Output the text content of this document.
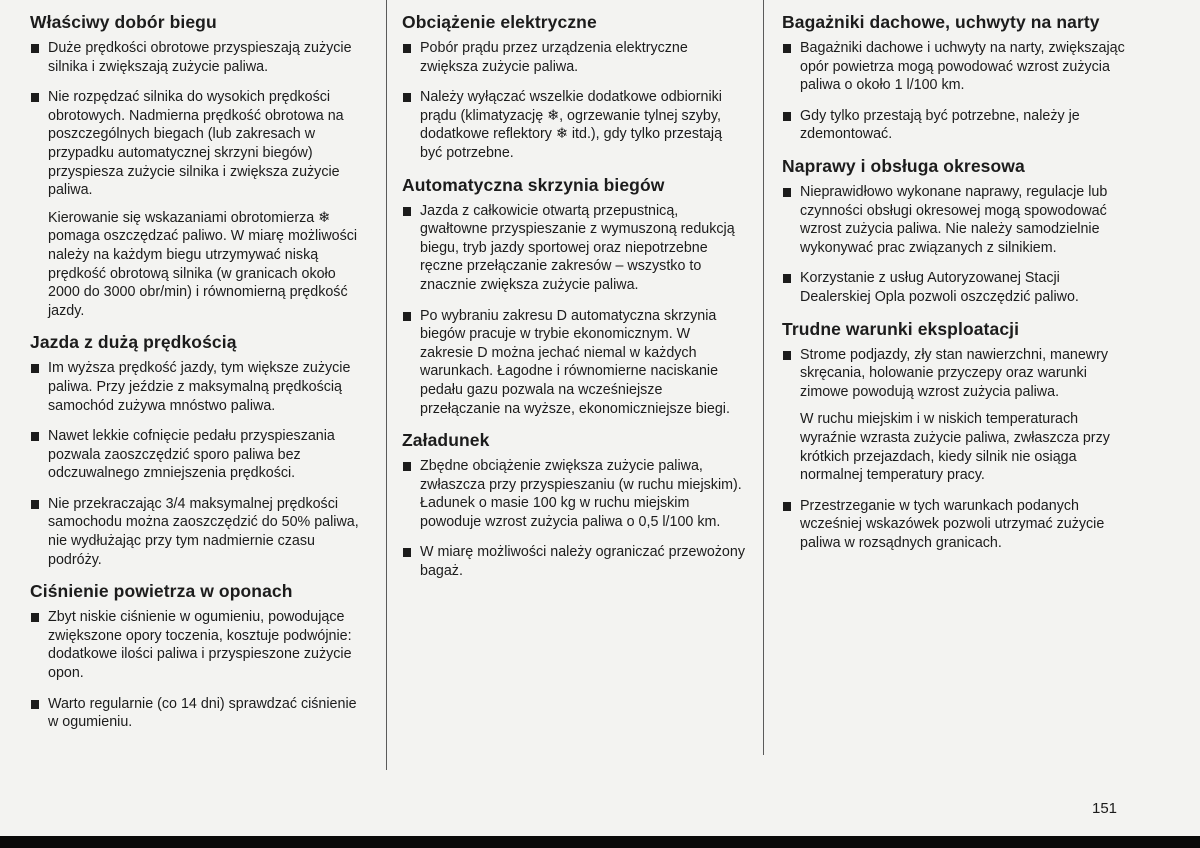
Właściwy dobór biegu
Duże prędkości obrotowe przyspieszają zużycie silnika i zwiększają zużycie paliwa.
Nie rozpędzać silnika do wysokich prędkości obrotowych. Nadmierna prędkość obrotowa na poszczególnych biegach (lub zakresach w przypadku automatycznej skrzyni biegów) przyspiesza zużycie silnika i zwiększa zużycie paliwa.
Kierowanie się wskazaniami obrotomierza ❄ pomaga oszczędzać paliwo. W miarę możliwości należy na każdym biegu utrzymywać niską prędkość obrotową silnika (w granicach około 2000 do 3000 obr/min) i równomierną prędkość jazdy.
Jazda z dużą prędkością
Im wyższa prędkość jazdy, tym większe zużycie paliwa. Przy jeździe z maksymalną prędkością samochód zużywa mnóstwo paliwa.
Nawet lekkie cofnięcie pedału przyspieszania pozwala zaoszczędzić sporo paliwa bez odczuwalnego zmniejszenia prędkości.
Nie przekraczając 3/4 maksymalnej prędkości samochodu można zaoszczędzić do 50% paliwa, nie wydłużając przy tym nadmiernie czasu podróży.
Ciśnienie powietrza w oponach
Zbyt niskie ciśnienie w ogumieniu, powodujące zwiększone opory toczenia, kosztuje podwójnie: dodatkowe ilości paliwa i przyspieszone zużycie opon.
Warto regularnie (co 14 dni) sprawdzać ciśnienie w ogumieniu.
Obciążenie elektryczne
Pobór prądu przez urządzenia elektryczne zwiększa zużycie paliwa.
Należy wyłączać wszelkie dodatkowe odbiorniki prądu (klimatyzację ❄, ogrzewanie tylnej szyby, dodatkowe reflektory ❄ itd.), gdy tylko przestają być potrzebne.
Automatyczna skrzynia biegów
Jazda z całkowicie otwartą przepustnicą, gwałtowne przyspieszanie z wymuszoną redukcją biegu, tryb jazdy sportowej oraz niepotrzebne ręczne przełączanie zakresów – wszystko to znacznie zwiększa zużycie paliwa.
Po wybraniu zakresu D automatyczna skrzynia biegów pracuje w trybie ekonomicznym. W zakresie D można jechać niemal w każdych warunkach. Łagodne i równomierne naciskanie pedału gazu pozwala na wcześniejsze przełączanie na wyższe, ekonomiczniejsze biegi.
Załadunek
Zbędne obciążenie zwiększa zużycie paliwa, zwłaszcza przy przyspieszaniu (w ruchu miejskim). Ładunek o masie 100 kg w ruchu miejskim powoduje wzrost zużycia paliwa o 0,5 l/100 km.
W miarę możliwości należy ograniczać przewożony bagaż.
Bagażniki dachowe, uchwyty na narty
Bagażniki dachowe i uchwyty na narty, zwiększając opór powietrza mogą powodować wzrost zużycia paliwa o około 1 l/100 km.
Gdy tylko przestają być potrzebne, należy je zdemontować.
Naprawy i obsługa okresowa
Nieprawidłowo wykonane naprawy, regulacje lub czynności obsługi okresowej mogą spowodować wzrost zużycia paliwa. Nie należy samodzielnie wykonywać prac związanych z silnikiem.
Korzystanie z usług Autoryzowanej Stacji Dealerskiej Opla pozwoli oszczędzić paliwo.
Trudne warunki eksploatacji
Strome podjazdy, zły stan nawierzchni, manewry skręcania, holowanie przyczepy oraz warunki zimowe powodują wzrost zużycia paliwa.
W ruchu miejskim i w niskich temperaturach wyraźnie wzrasta zużycie paliwa, zwłaszcza przy krótkich przejazdach, kiedy silnik nie osiąga normalnej temperatury pracy.
Przestrzeganie w tych warunkach podanych wcześniej wskazówek pozwoli utrzymać zużycie paliwa w rozsądnych granicach.
151
